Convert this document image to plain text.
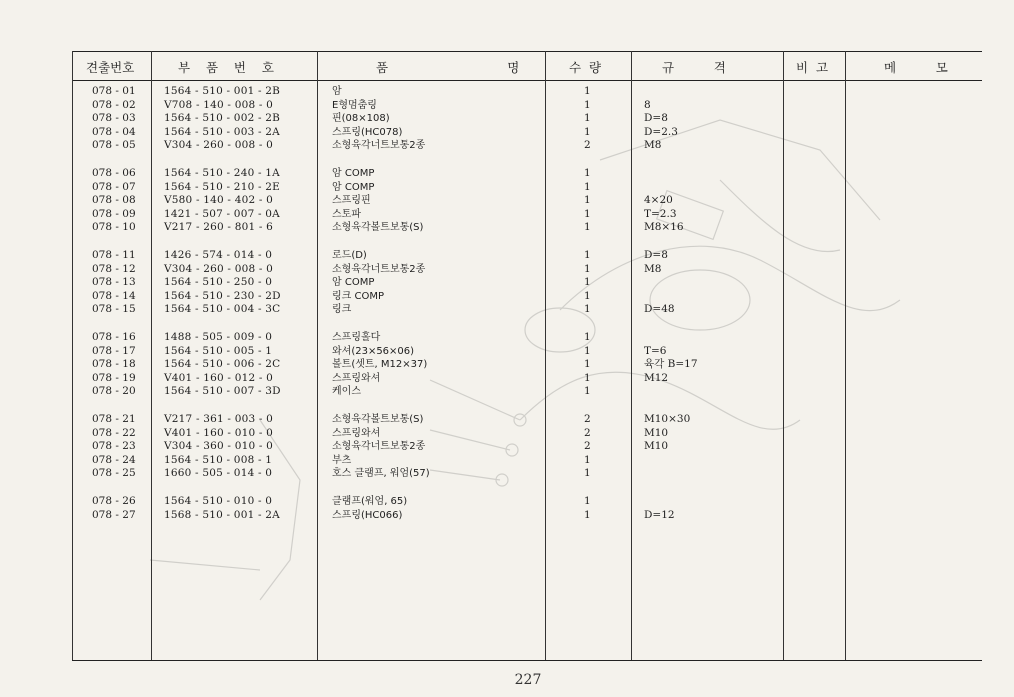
견출번호	부    품    번    호	품                              명	수  량	규          격	비  고	메          모
078 - 01	1564 - 510 - 001 - 2B	암	1
078 - 02	V708 - 140 - 008 - 0	E형멈춤링	1	8
078 - 03	1564 - 510 - 002 - 2B	핀(08×108)	1	D=8
078 - 04	1564 - 510 - 003 - 2A	스프링(HC078)	1	D=2.3
078 - 05	V304 - 260 - 008 - 0	소형육각너트보통2종	2	M8
078 - 06	1564 - 510 - 240 - 1A	암 COMP	1
078 - 07	1564 - 510 - 210 - 2E	암 COMP	1
078 - 08	V580 - 140 - 402 - 0	스프링핀	1	4×20
078 - 09	1421 - 507 - 007 - 0A	스토파	1	T=2.3
078 - 10	V217 - 260 - 801 - 6	소형육각볼트보통(S)	1	M8×16
078 - 11	1426 - 574 - 014 - 0	로드(D)	1	D=8
078 - 12	V304 - 260 - 008 - 0	소형육각너트보통2종	1	M8
078 - 13	1564 - 510 - 250 - 0	암 COMP	1
078 - 14	1564 - 510 - 230 - 2D	링크 COMP	1
078 - 15	1564 - 510 - 004 - 3C	링크	1	D=48
078 - 16	1488 - 505 - 009 - 0	스프링홀다	1
078 - 17	1564 - 510 - 005 - 1	와셔(23×56×06)	1	T=6
078 - 18	1564 - 510 - 006 - 2C	볼트(셋트, M12×37)	1	육각 B=17
078 - 19	V401 - 160 - 012 - 0	스프링와셔	1	M12
078 - 20	1564 - 510 - 007 - 3D	케이스	1
078 - 21	V217 - 361 - 003 - 0	소형육각볼트보통(S)	2	M10×30
078 - 22	V401 - 160 - 010 - 0	스프링와셔	2	M10
078 - 23	V304 - 360 - 010 - 0	소형육각너트보통2종	2	M10
078 - 24	1564 - 510 - 008 - 1	부츠	1
078 - 25	1660 - 505 - 014 - 0	호스 클램프, 워엄(57)	1
078 - 26	1564 - 510 - 010 - 0	클램프(워엄, 65)	1
078 - 27	1568 - 510 - 001 - 2A	스프링(HC066)	1	D=12
227
